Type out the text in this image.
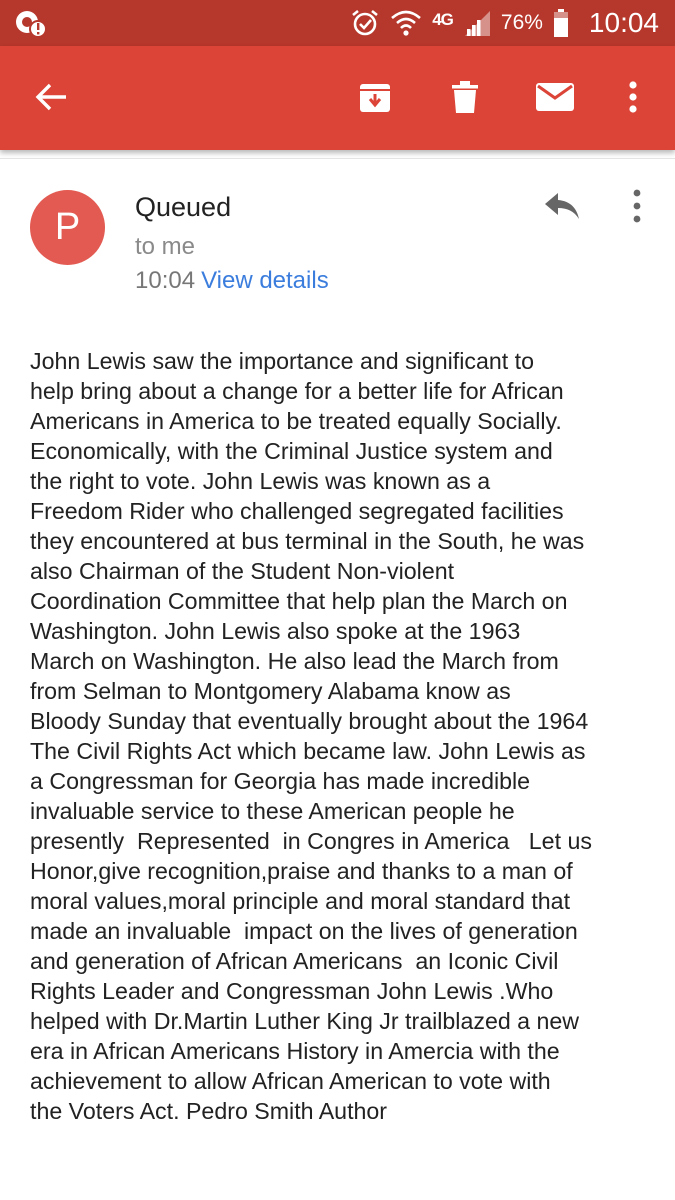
4G 76% 10:04
P Queued
to me
10:04 View details
John Lewis saw the importance and significant to
help bring about a change for a better life for African
Americans in America to be treated equally Socially.
Economically, with the Criminal Justice system and
the right to vote. John Lewis was known as a
Freedom Rider who challenged segregated facilities
they encountered at bus terminal in the South, he was
also Chairman of the Student Non-violent
Coordination Committee that help plan the March on
Washington. John Lewis also spoke at the 1963
March on Washington. He also lead the March from
from Selman to Montgomery Alabama know as
Bloody Sunday that eventually brought about the 1964
The Civil Rights Act which became law. John Lewis as
a Congressman for Georgia has made incredible
invaluable service to these American people he
presently  Represented  in Congres in America   Let us
Honor,give recognition,praise and thanks to a man of
moral values,moral principle and moral standard that
made an invaluable  impact on the lives of generation
and generation of African Americans  an Iconic Civil
Rights Leader and Congressman John Lewis .Who
helped with Dr.Martin Luther King Jr trailblazed a new
era in African Americans History in Amercia with the
achievement to allow African American to vote with
the Voters Act. Pedro Smith Author
